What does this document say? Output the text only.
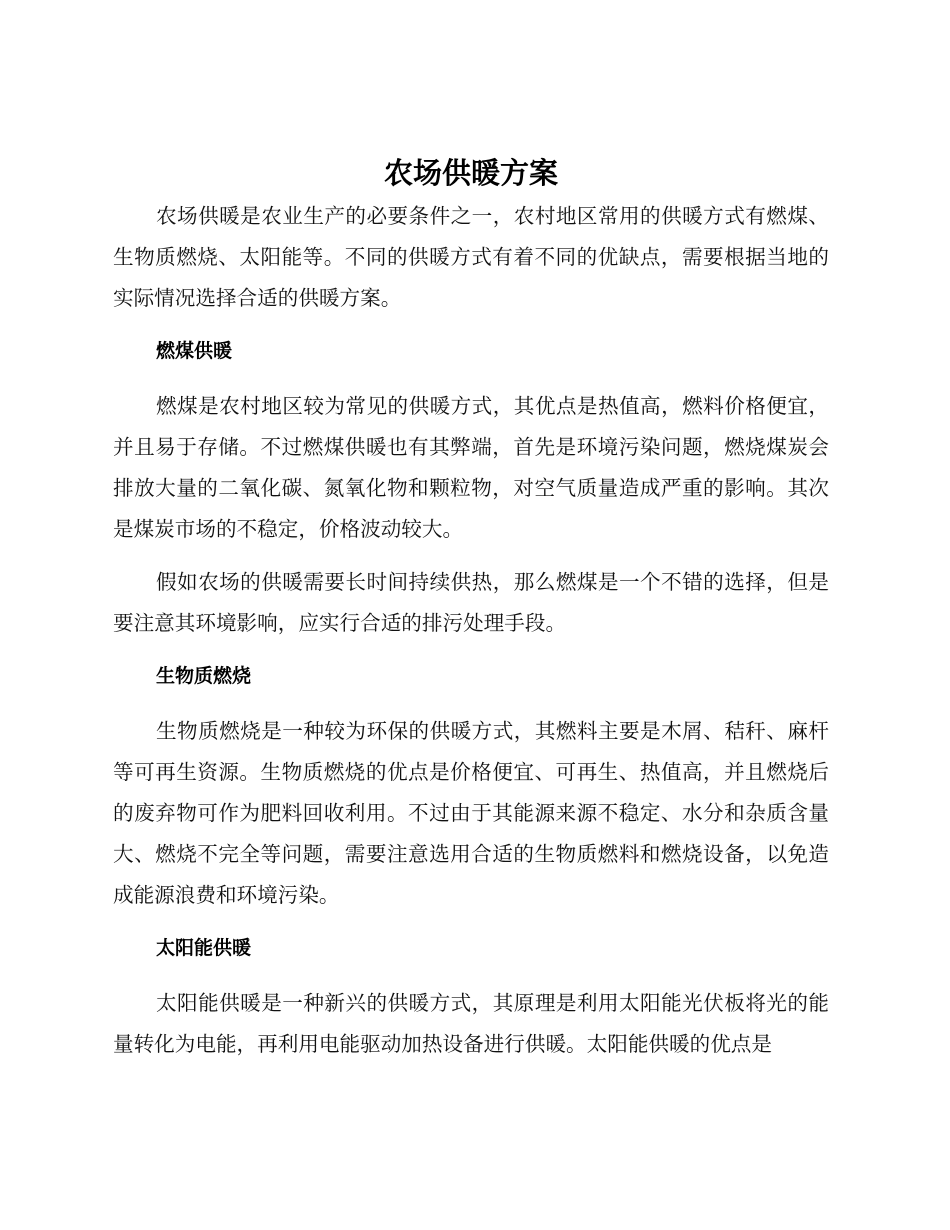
农场供暖方案

农场供暖是农业生产的必要条件之一，农村地区常用的供暖方式有燃煤、生物质燃烧、太阳能等。不同的供暖方式有着不同的优缺点，需要根据当地的实际情况选择合适的供暖方案。

燃煤供暖

燃煤是农村地区较为常见的供暖方式，其优点是热值高，燃料价格便宜，并且易于存储。不过燃煤供暖也有其弊端，首先是环境污染问题，燃烧煤炭会排放大量的二氧化碳、氮氧化物和颗粒物，对空气质量造成严重的影响。其次是煤炭市场的不稳定，价格波动较大。

假如农场的供暖需要长时间持续供热，那么燃煤是一个不错的选择，但是要注意其环境影响，应实行合适的排污处理手段。

生物质燃烧

生物质燃烧是一种较为环保的供暖方式，其燃料主要是木屑、秸秆、麻杆等可再生资源。生物质燃烧的优点是价格便宜、可再生、热值高，并且燃烧后的废弃物可作为肥料回收利用。不过由于其能源来源不稳定、水分和杂质含量大、燃烧不完全等问题，需要注意选用合适的生物质燃料和燃烧设备，以免造成能源浪费和环境污染。

太阳能供暖

太阳能供暖是一种新兴的供暖方式，其原理是利用太阳能光伏板将光的能量转化为电能，再利用电能驱动加热设备进行供暖。太阳能供暖的优点是
